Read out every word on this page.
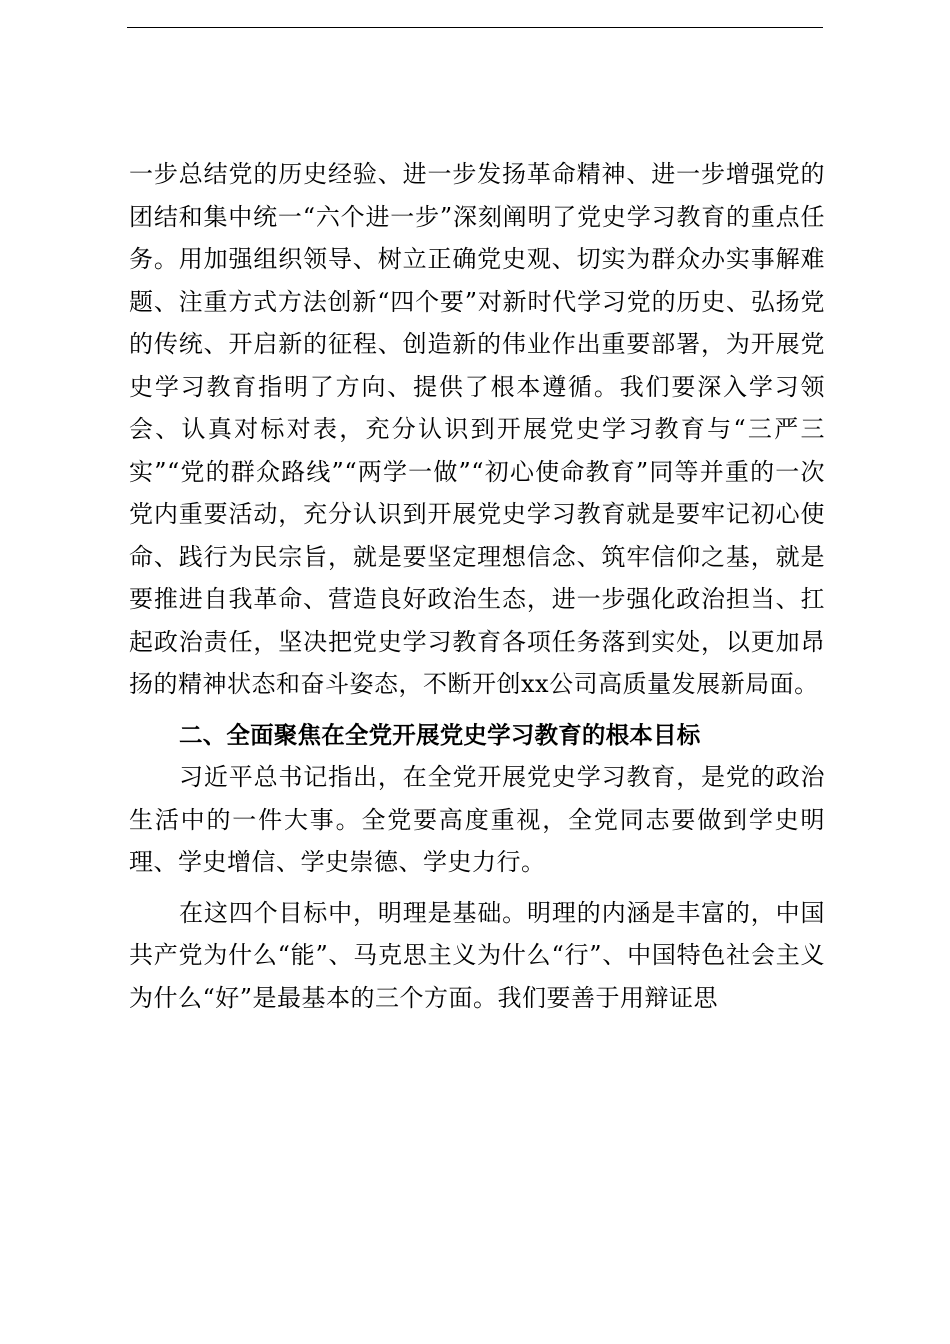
一步总结党的历史经验、进一步发扬革命精神、进一步增强党的团结和集中统一“六个进一步”深刻阐明了党史学习教育的重点任务。用加强组织领导、树立正确党史观、切实为群众办实事解难题、注重方式方法创新“四个要”对新时代学习党的历史、弘扬党的传统、开启新的征程、创造新的伟业作出重要部署，为开展党史学习教育指明了方向、提供了根本遵循。我们要深入学习领会、认真对标对表，充分认识到开展党史学习教育与“三严三实”“党的群众路线”“两学一做”“初心使命教育”同等并重的一次党内重要活动，充分认识到开展党史学习教育就是要牢记初心使命、践行为民宗旨，就是要坚定理想信念、筑牢信仰之基，就是要推进自我革命、营造良好政治生态，进一步强化政治担当、扛起政治责任，坚决把党史学习教育各项任务落到实处，以更加昂扬的精神状态和奋斗姿态，不断开创xx公司高质量发展新局面。

二、全面聚焦在全党开展党史学习教育的根本目标

习近平总书记指出，在全党开展党史学习教育，是党的政治生活中的一件大事。全党要高度重视，全党同志要做到学史明理、学史增信、学史崇德、学史力行。

在这四个目标中，明理是基础。明理的内涵是丰富的，中国共产党为什么“能”、马克思主义为什么“行”、中国特色社会主义为什么“好”是最基本的三个方面。我们要善于用辩证思
